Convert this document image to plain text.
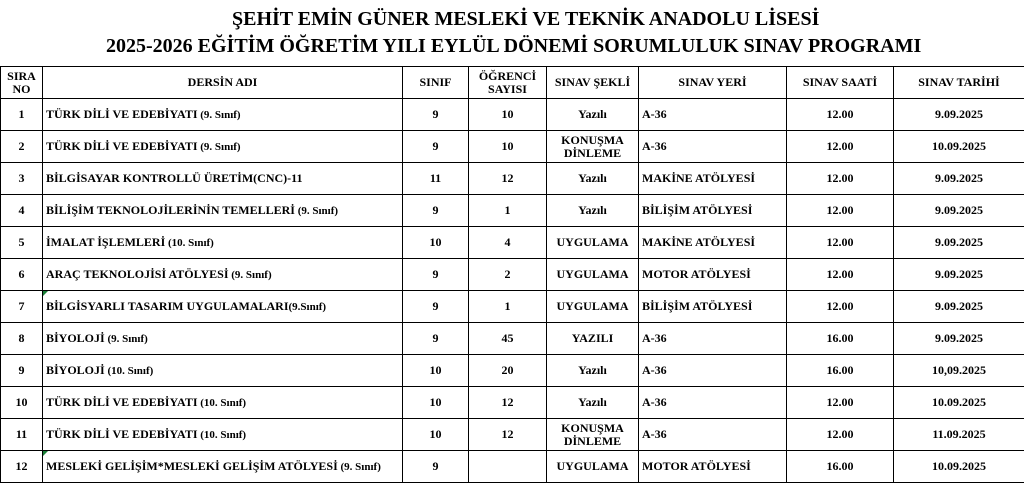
ŞEHİT EMİN GÜNER MESLEKİ VE TEKNİK ANADOLU LİSESİ
2025-2026 EĞİTİM ÖĞRETİM YILI EYLÜL DÖNEMİ SORUMLULUK SINAV PROGRAMI
SIRA NO	DERSİN ADI	SINIF	ÖĞRENCİ SAYISI	SINAV ŞEKLİ	SINAV YERİ	SINAV SAATİ	SINAV TARİHİ
1	TÜRK DİLİ VE EDEBİYATI (9. Sınıf)	9	10	Yazılı	A-36	12.00	9.09.2025
2	TÜRK DİLİ VE EDEBİYATI (9. Sınıf)	9	10	KONUŞMA DİNLEME	A-36	12.00	10.09.2025
3	BİLGİSAYAR KONTROLLÜ ÜRETİM(CNC)-11	11	12	Yazılı	MAKİNE ATÖLYESİ	12.00	9.09.2025
4	BİLİŞİM TEKNOLOJİLERİNİN TEMELLERİ (9. Sınıf)	9	1	Yazılı	BİLİŞİM ATÖLYESİ	12.00	9.09.2025
5	İMALAT İŞLEMLERİ (10. Sınıf)	10	4	UYGULAMA	MAKİNE ATÖLYESİ	12.00	9.09.2025
6	ARAÇ TEKNOLOJİSİ ATÖLYESİ (9. Sınıf)	9	2	UYGULAMA	MOTOR ATÖLYESİ	12.00	9.09.2025
7	BİLGİSYARLI TASARIM UYGULAMALARI(9.Sınıf)	9	1	UYGULAMA	BİLİŞİM ATÖLYESİ	12.00	9.09.2025
8	BİYOLOJİ (9. Sınıf)	9	45	YAZILI	A-36	16.00	9.09.2025
9	BİYOLOJİ (10. Sınıf)	10	20	Yazılı	A-36	16.00	10,09.2025
10	TÜRK DİLİ VE EDEBİYATI (10. Sınıf)	10	12	Yazılı	A-36	12.00	10.09.2025
11	TÜRK DİLİ VE EDEBİYATI (10. Sınıf)	10	12	KONUŞMA DİNLEME	A-36	12.00	11.09.2025
12	MESLEKİ GELİŞİM*MESLEKİ GELİŞİM ATÖLYESİ (9. Sınıf)	9		UYGULAMA	MOTOR ATÖLYESİ	16.00	10.09.2025
